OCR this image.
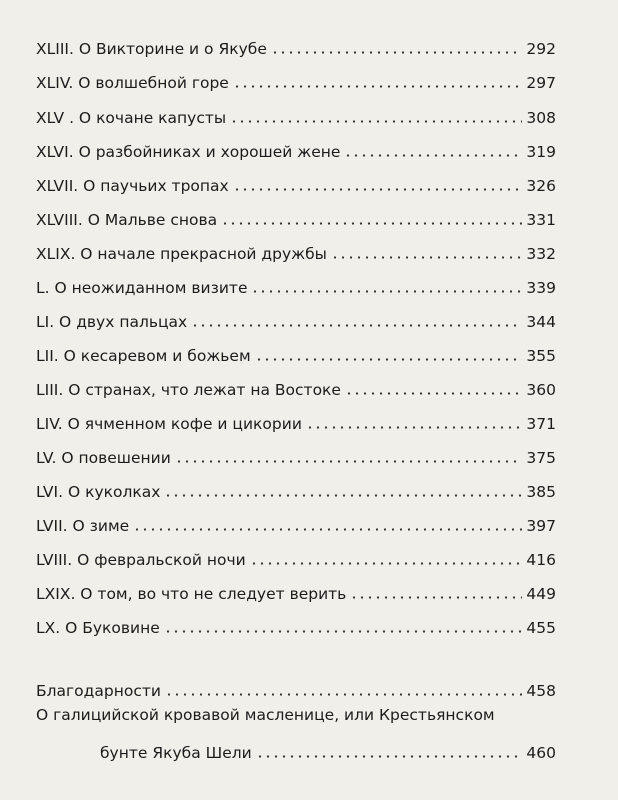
XLIII. О Викторине и о Якубе	292
XLIV. О волшебной горе	297
XLV . О кочане капусты	308
XLVI. О разбойниках и хорошей жене	319
XLVII. О паучьих тропах	326
XLVIII. О Мальве снова	331
XLIX. О начале прекрасной дружбы	332
L. О неожиданном визите	339
LI. О двух пальцах	344
LII. О кесаревом и божьем	355
LIII. О странах, что лежат на Востоке	360
LIV. О ячменном кофе и цикории	371
LV. О повешении	375
LVI. О куколках	385
LVII. О зиме	397
LVIII. О февральской ночи	416
LXIX. О том, во что не следует верить	449
LX. О Буковине	455
Благодарности	458
О галицийской кровавой масленице, или Крестьянском
бунте Якуба Шели	460
